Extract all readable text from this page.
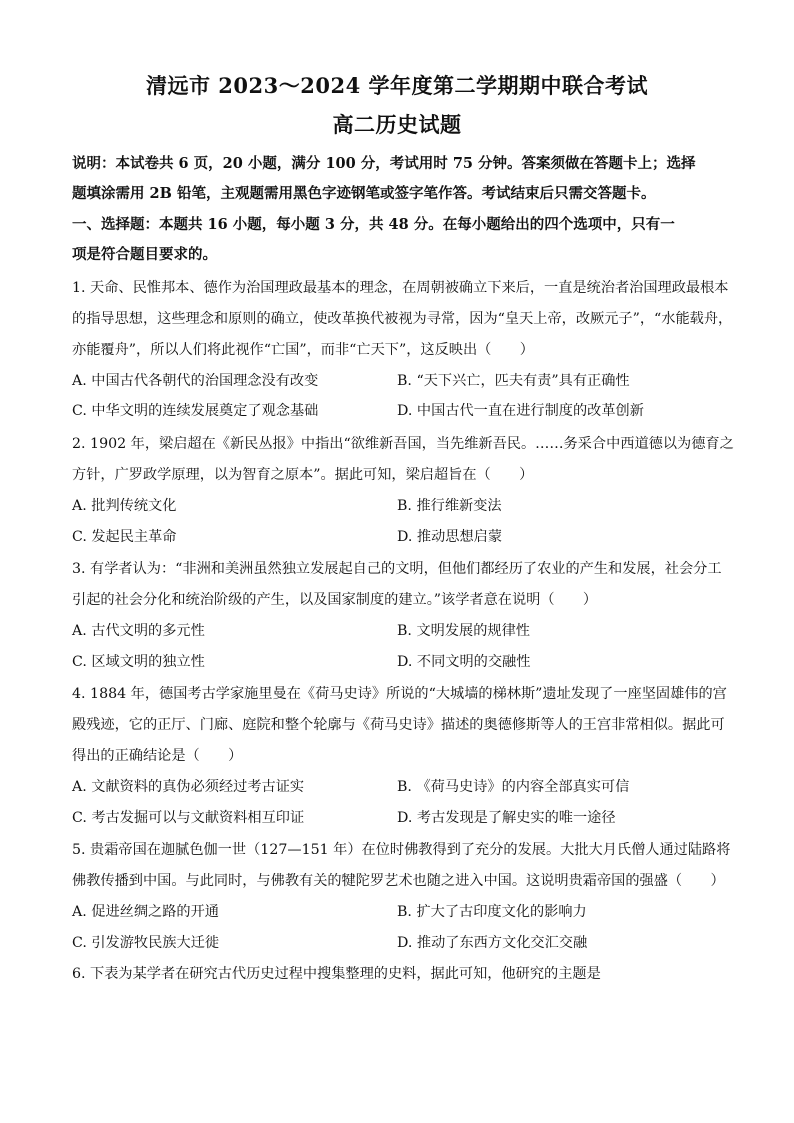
清远市 2023～2024 学年度第二学期期中联合考试
高二历史试题
说明：本试卷共 6 页，20 小题，满分 100 分，考试用时 75 分钟。答案须做在答题卡上；选择
题填涂需用 2B 铅笔，主观题需用黑色字迹钢笔或签字笔作答。考试结束后只需交答题卡。
一、选择题：本题共 16 小题，每小题 3 分，共 48 分。在每小题给出的四个选项中，只有一
项是符合题目要求的。
1. 天命、民惟邦本、德作为治国理政最基本的理念，在周朝被确立下来后，一直是统治者治国理政最根本
的指导思想，这些理念和原则的确立，使改革换代被视为寻常，因为“皇天上帝，改厥元子”，“水能载舟，
亦能覆舟”，所以人们将此视作“亡国”，而非“亡天下”，这反映出（　　）
A. 中国古代各朝代的治国理念没有改变	B. “天下兴亡，匹夫有责”具有正确性
C. 中华文明的连续发展奠定了观念基础	D. 中国古代一直在进行制度的改革创新
2. 1902 年，梁启超在《新民丛报》中指出“欲维新吾国，当先维新吾民。……务采合中西道德以为德育之
方针，广罗政学原理，以为智育之原本”。据此可知，梁启超旨在（　　）
A. 批判传统文化	B. 推行维新变法
C. 发起民主革命	D. 推动思想启蒙
3. 有学者认为：“非洲和美洲虽然独立发展起自己的文明，但他们都经历了农业的产生和发展，社会分工
引起的社会分化和统治阶级的产生，以及国家制度的建立。”该学者意在说明（　　）
A. 古代文明的多元性	B. 文明发展的规律性
C. 区域文明的独立性	D. 不同文明的交融性
4. 1884 年，德国考古学家施里曼在《荷马史诗》所说的“大城墙的梯林斯”遗址发现了一座坚固雄伟的宫
殿残迹，它的正厅、门廊、庭院和整个轮廓与《荷马史诗》描述的奥德修斯等人的王宫非常相似。据此可
得出的正确结论是（　　）
A. 文献资料的真伪必须经过考古证实	B. 《荷马史诗》的内容全部真实可信
C. 考古发掘可以与文献资料相互印证	D. 考古发现是了解史实的唯一途径
5. 贵霜帝国在迦腻色伽一世（127—151 年）在位时佛教得到了充分的发展。大批大月氏僧人通过陆路将
佛教传播到中国。与此同时，与佛教有关的犍陀罗艺术也随之进入中国。这说明贵霜帝国的强盛（　　）
A. 促进丝绸之路的开通	B. 扩大了古印度文化的影响力
C. 引发游牧民族大迁徙	D. 推动了东西方文化交汇交融
6. 下表为某学者在研究古代历史过程中搜集整理的史料，据此可知，他研究的主题是
